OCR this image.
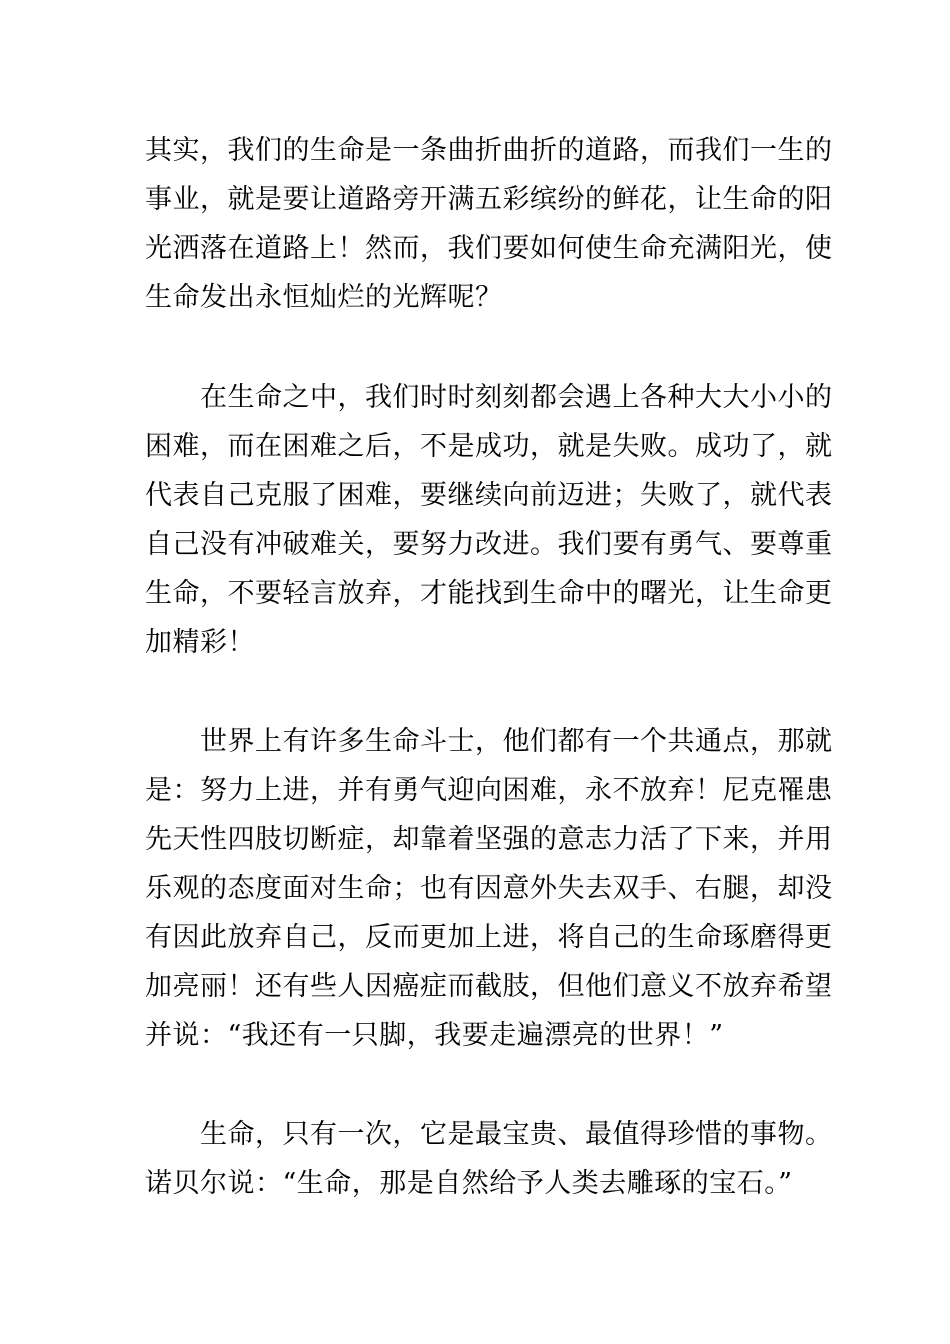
其实，我们的生命是一条曲折曲折的道路，而我们一生的
事业，就是要让道路旁开满五彩缤纷的鲜花，让生命的阳
光洒落在道路上！然而，我们要如何使生命充满阳光，使
生命发出永恒灿烂的光辉呢？
　　在生命之中，我们时时刻刻都会遇上各种大大小小的
困难，而在困难之后，不是成功，就是失败。成功了，就
代表自己克服了困难，要继续向前迈进；失败了，就代表
自己没有冲破难关，要努力改进。我们要有勇气、要尊重
生命，不要轻言放弃，才能找到生命中的曙光，让生命更
加精彩！
　　世界上有许多生命斗士，他们都有一个共通点，那就
是：努力上进，并有勇气迎向困难，永不放弃！尼克罹患
先天性四肢切断症，却靠着坚强的意志力活了下来，并用
乐观的态度面对生命；也有因意外失去双手、右腿，却没
有因此放弃自己，反而更加上进，将自己的生命琢磨得更
加亮丽！还有些人因癌症而截肢，但他们意义不放弃希望
并说：“我还有一只脚，我要走遍漂亮的世界！”
　　生命，只有一次，它是最宝贵、最值得珍惜的事物。
诺贝尔说：“生命，那是自然给予人类去雕琢的宝石。”
